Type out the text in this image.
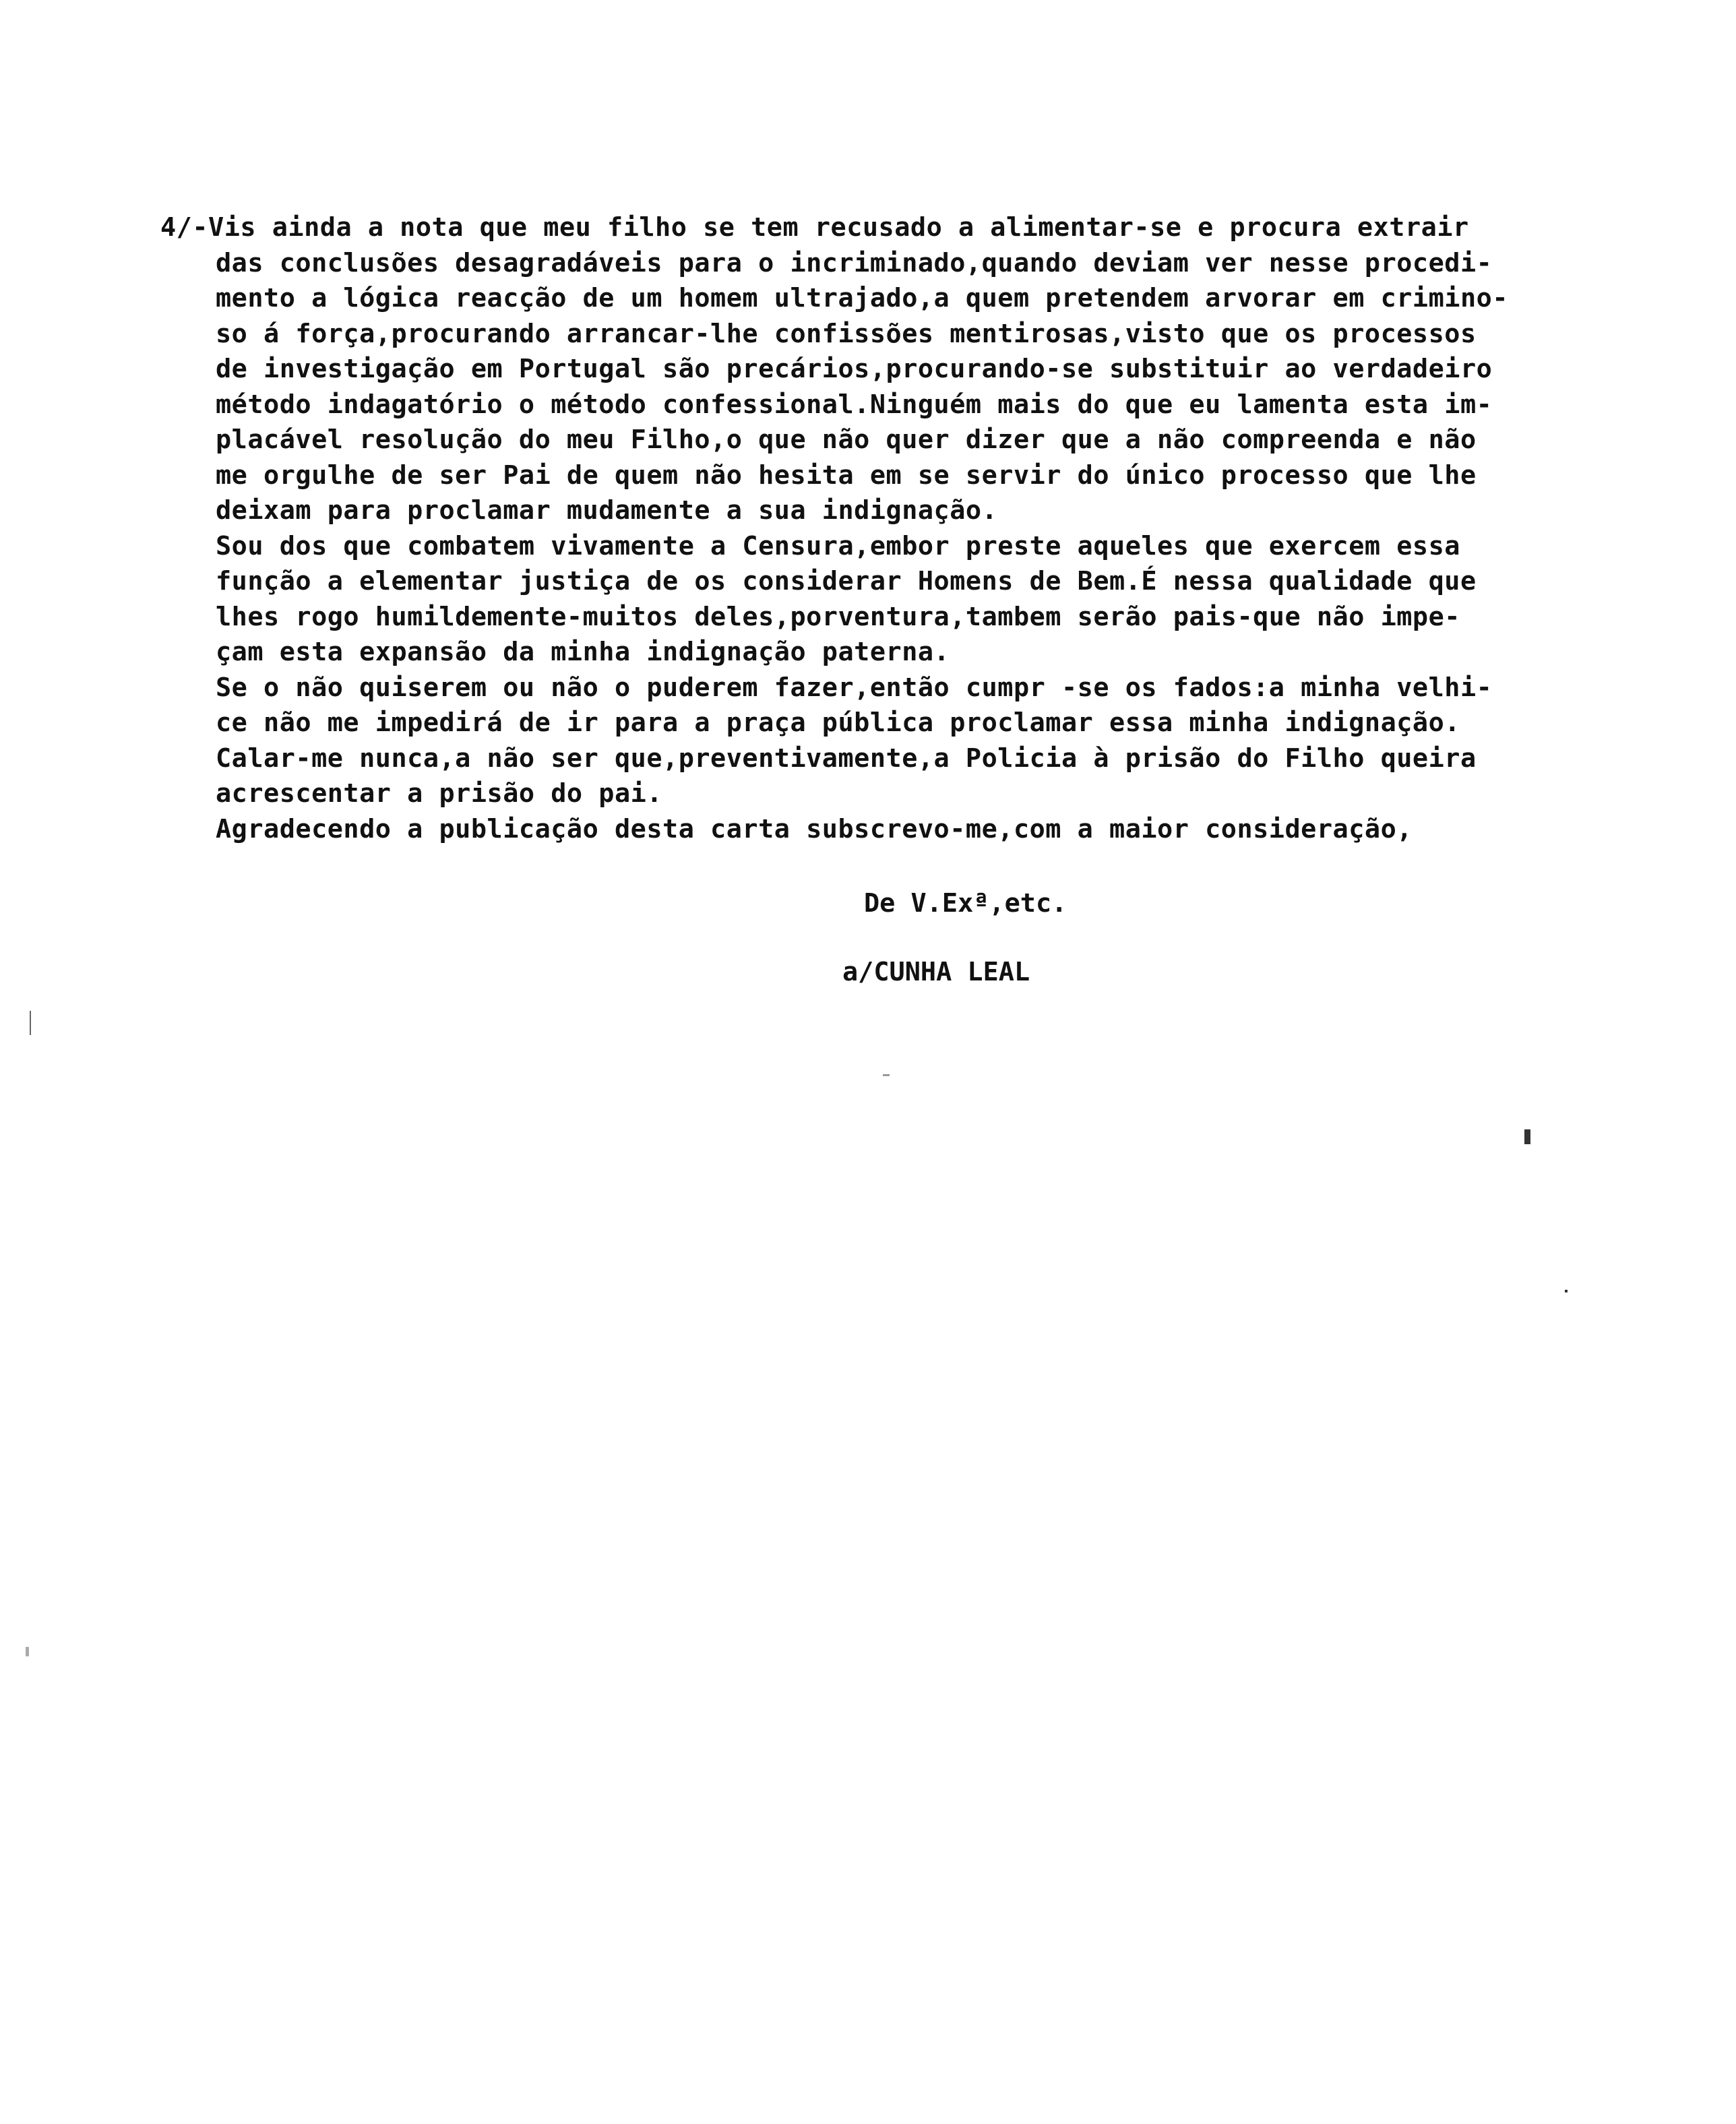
4/-Vis ainda a nota que meu filho se tem recusado a alimentar-se e procura extrair
das conclusões desagradáveis para o incriminado,quando deviam ver nesse procedi-
mento a lógica reacção de um homem ultrajado,a quem pretendem arvorar em crimino-
so á força,procurando arrancar-lhe confissões mentirosas,visto que os processos
de investigação em Portugal são precários,procurando-se substituir ao verdadeiro
método indagatório o método confessional.Ninguém mais do que eu lamenta esta im-
placável resolução do meu Filho,o que não quer dizer que a não compreenda e não
me orgulhe de ser Pai de quem não hesita em se servir do único processo que lhe
deixam para proclamar mudamente a sua indignação.
Sou dos que combatem vivamente a Censura,embor preste aqueles que exercem essa
função a elementar justiça de os considerar Homens de Bem.É nessa qualidade que
lhes rogo humildemente-muitos deles,porventura,tambem serão pais-que não impe-
çam esta expansão da minha indignação paterna.
Se o não quiserem ou não o puderem fazer,então cumpr -se os fados:a minha velhi-
ce não me impedirá de ir para a praça pública proclamar essa minha indignação.
Calar-me nunca,a não ser que,preventivamente,a Policia à prisão do Filho queira
acrescentar a prisão do pai.
Agradecendo a publicação desta carta subscrevo-me,com a maior consideração,
De V.Exª,etc.
a/CUNHA LEAL
